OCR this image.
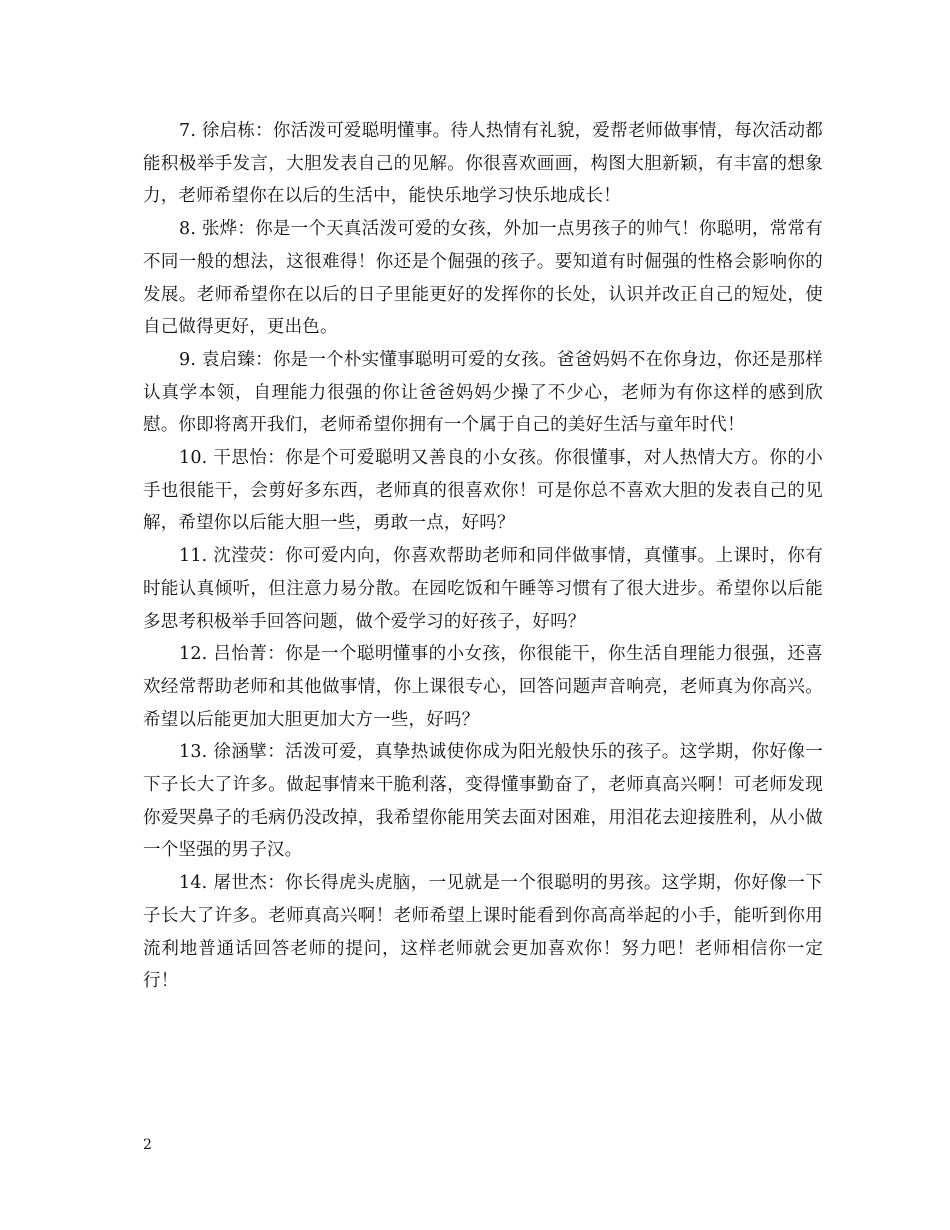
7. 徐启栋：你活泼可爱聪明懂事。待人热情有礼貌，爱帮老师做事情，每次活动都能积极举手发言，大胆发表自己的见解。你很喜欢画画，构图大胆新颖，有丰富的想象力，老师希望你在以后的生活中，能快乐地学习快乐地成长！

8. 张烨：你是一个天真活泼可爱的女孩，外加一点男孩子的帅气！你聪明，常常有不同一般的想法，这很难得！你还是个倔强的孩子。要知道有时倔强的性格会影响你的发展。老师希望你在以后的日子里能更好的发挥你的长处，认识并改正自己的短处，使自己做得更好，更出色。

9. 袁启臻：你是一个朴实懂事聪明可爱的女孩。爸爸妈妈不在你身边，你还是那样认真学本领，自理能力很强的你让爸爸妈妈少操了不少心，老师为有你这样的感到欣慰。你即将离开我们，老师希望你拥有一个属于自己的美好生活与童年时代！

10. 干思怡：你是个可爱聪明又善良的小女孩。你很懂事，对人热情大方。你的小手也很能干，会剪好多东西，老师真的很喜欢你！可是你总不喜欢大胆的发表自己的见解，希望你以后能大胆一些，勇敢一点，好吗？

11. 沈滢荧：你可爱内向，你喜欢帮助老师和同伴做事情，真懂事。上课时，你有时能认真倾听，但注意力易分散。在园吃饭和午睡等习惯有了很大进步。希望你以后能多思考积极举手回答问题，做个爱学习的好孩子，好吗？

12. 吕怡菁：你是一个聪明懂事的小女孩，你很能干，你生活自理能力很强，还喜欢经常帮助老师和其他做事情，你上课很专心，回答问题声音响亮，老师真为你高兴。希望以后能更加大胆更加大方一些，好吗？

13. 徐涵擘：活泼可爱，真挚热诚使你成为阳光般快乐的孩子。这学期，你好像一下子长大了许多。做起事情来干脆利落，变得懂事勤奋了，老师真高兴啊！可老师发现你爱哭鼻子的毛病仍没改掉，我希望你能用笑去面对困难，用泪花去迎接胜利，从小做一个坚强的男子汉。

14. 屠世杰：你长得虎头虎脑，一见就是一个很聪明的男孩。这学期，你好像一下子长大了许多。老师真高兴啊！老师希望上课时能看到你高高举起的小手，能听到你用流利地普通话回答老师的提问，这样老师就会更加喜欢你！努力吧！老师相信你一定行！

2
